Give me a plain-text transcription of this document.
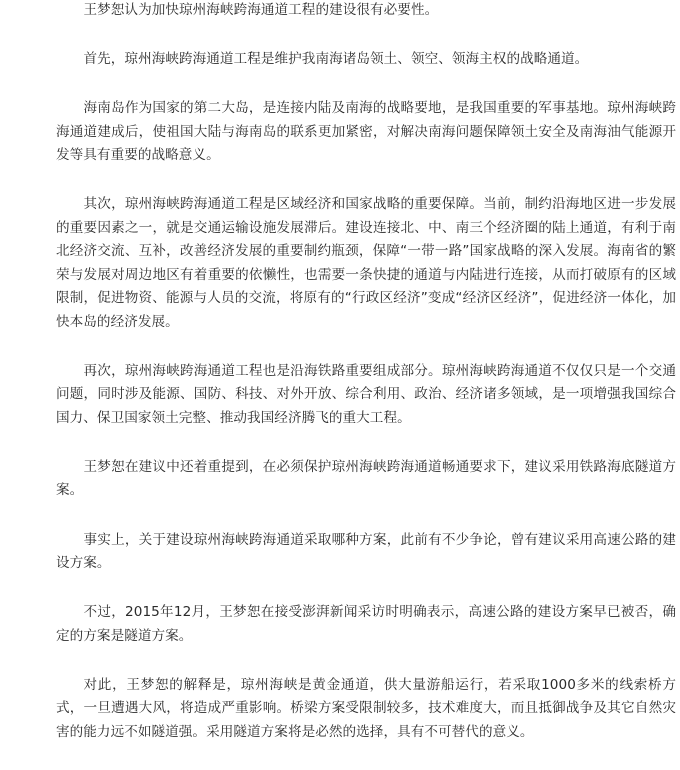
王梦恕认为加快琼州海峡跨海通道工程的建设很有必要性。

首先，琼州海峡跨海通道工程是维护我南海诸岛领土、领空、领海主权的战略通道。

海南岛作为国家的第二大岛，是连接内陆及南海的战略要地，是我国重要的军事基地。琼州海峡跨海通道建成后，使祖国大陆与海南岛的联系更加紧密，对解决南海问题保障领土安全及南海油气能源开发等具有重要的战略意义。

其次，琼州海峡跨海通道工程是区域经济和国家战略的重要保障。当前，制约沿海地区进一步发展的重要因素之一，就是交通运输设施发展滞后。建设连接北、中、南三个经济圈的陆上通道，有利于南北经济交流、互补，改善经济发展的重要制约瓶颈，保障“一带一路”国家战略的深入发展。海南省的繁荣与发展对周边地区有着重要的依懒性，也需要一条快捷的通道与内陆进行连接，从而打破原有的区域限制，促进物资、能源与人员的交流，将原有的“行政区经济”变成“经济区经济”，促进经济一体化，加快本岛的经济发展。

再次，琼州海峡跨海通道工程也是沿海铁路重要组成部分。琼州海峡跨海通道不仅仅只是一个交通问题，同时涉及能源、国防、科技、对外开放、综合利用、政治、经济诸多领域，是一项增强我国综合国力、保卫国家领土完整、推动我国经济腾飞的重大工程。

王梦恕在建议中还着重提到，在必须保护琼州海峡跨海通道畅通要求下，建议采用铁路海底隧道方案。

事实上，关于建设琼州海峡跨海通道采取哪种方案，此前有不少争论，曾有建议采用高速公路的建设方案。

不过，2015年12月，王梦恕在接受澎湃新闻采访时明确表示，高速公路的建设方案早已被否，确定的方案是隧道方案。

对此，王梦恕的解释是，琼州海峡是黄金通道，供大量游船运行，若采取1000多米的线索桥方式，一旦遭遇大风，将造成严重影响。桥梁方案受限制较多，技术难度大，而且抵御战争及其它自然灾害的能力远不如隧道强。采用隧道方案将是必然的选择，具有不可替代的意义。
